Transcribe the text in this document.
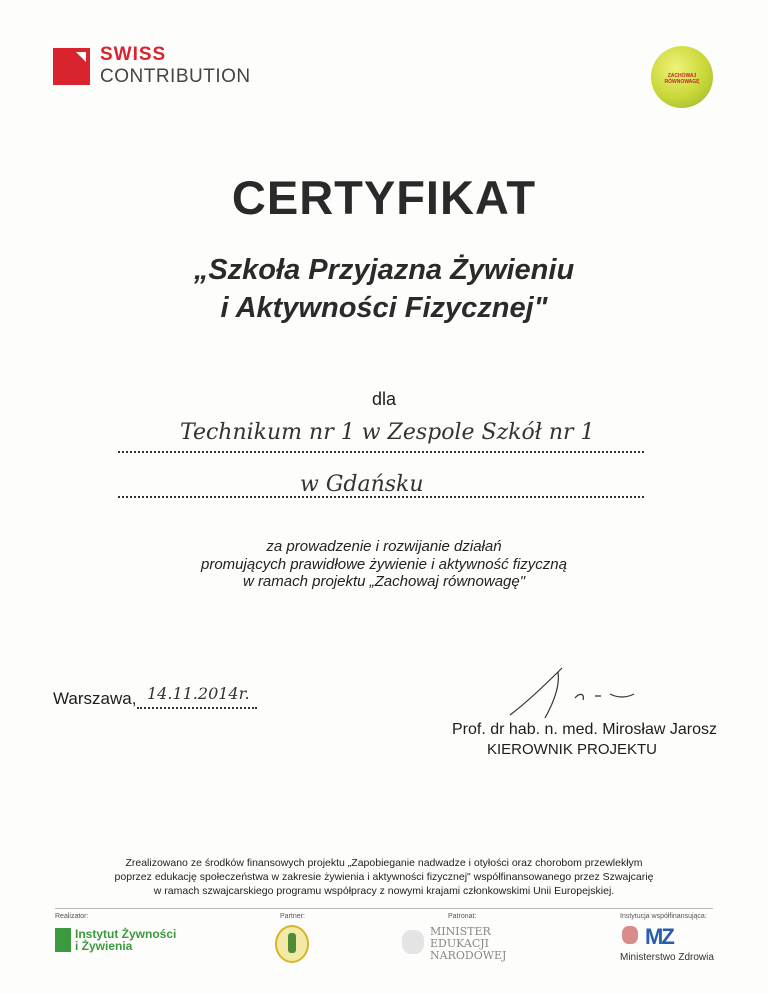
SWISS
CONTRIBUTION	ZACHOWAJ RÓWNOWAGĘ
CERTYFIKAT
„Szkoła Przyjazna Żywieniu
i Aktywności Fizycznej"
dla
Technikum nr 1 w Zespole Szkół nr 1
w Gdańsku
za prowadzenie i rozwijanie działań
promujących prawidłowe żywienie i aktywność fizyczną
w ramach projektu „Zachowaj równowagę"
Warszawa, 14.11.2014r.
Prof. dr hab. n. med. Mirosław Jarosz
KIEROWNIK PROJEKTU
Zrealizowano ze środków finansowych projektu „Zapobieganie nadwadze i otyłości oraz chorobom przewlekłym
poprzez edukację społeczeństwa w zakresie żywienia i aktywności fizycznej" współfinansowanego przez Szwajcarię
w ramach szwajcarskiego programu współpracy z nowymi krajami członkowskimi Unii Europejskiej.
Realizator:	Partner:	Patronat:	Instytucja współfinansująca:
Instytut Żywności
i Żywienia
MINISTER
EDUKACJI
NARODOWEJ
MZ
Ministerstwo Zdrowia
